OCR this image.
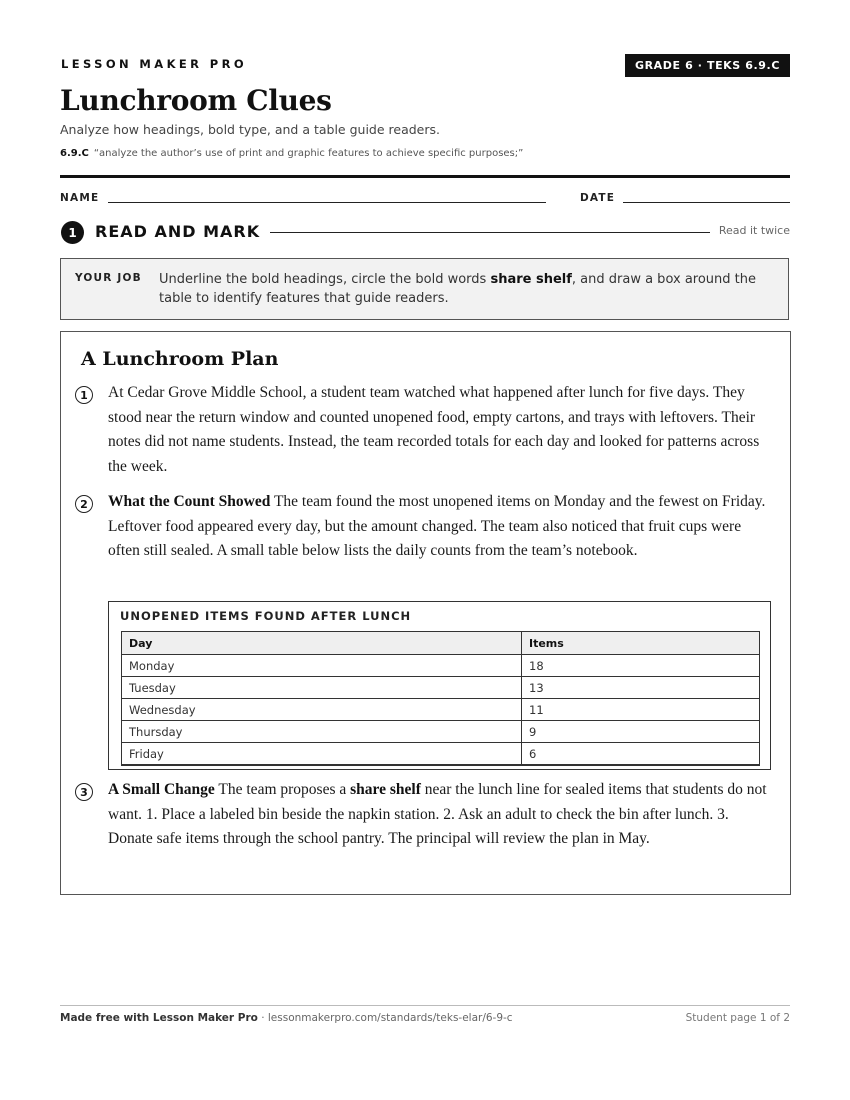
LESSON MAKER PRO	GRADE 6 · TEKS 6.9.C
Lunchroom Clues
Analyze how headings, bold type, and a table guide readers.
6.9.C “analyze the author’s use of print and graphic features to achieve specific purposes;”
NAME	DATE
1	READ AND MARK	Read it twice
YOUR JOB Underline the bold headings, circle the bold words share shelf, and draw a box around the table to identify features that guide readers.
A Lunchroom Plan
1	At Cedar Grove Middle School, a student team watched what happened after lunch for five days. They stood near the return window and counted unopened food, empty cartons, and trays with leftovers. Their notes did not name students. Instead, the team recorded totals for each day and looked for patterns across the week.
2	What the Count Showed The team found the most unopened items on Monday and the fewest on Friday. Leftover food appeared every day, but the amount changed. The team also noticed that fruit cups were often still sealed. A small table below lists the daily counts from the team’s notebook.
UNOPENED ITEMS FOUND AFTER LUNCH
Day	Items
Monday	18
Tuesday	13
Wednesday	11
Thursday	9
Friday	6
3	A Small Change The team proposes a share shelf near the lunch line for sealed items that students do not want. 1. Place a labeled bin beside the napkin station. 2. Ask an adult to check the bin after lunch. 3. Donate safe items through the school pantry. The principal will review the plan in May.
Made free with Lesson Maker Pro · lessonmakerpro.com/standards/teks-elar/6-9-c	Student page 1 of 2
